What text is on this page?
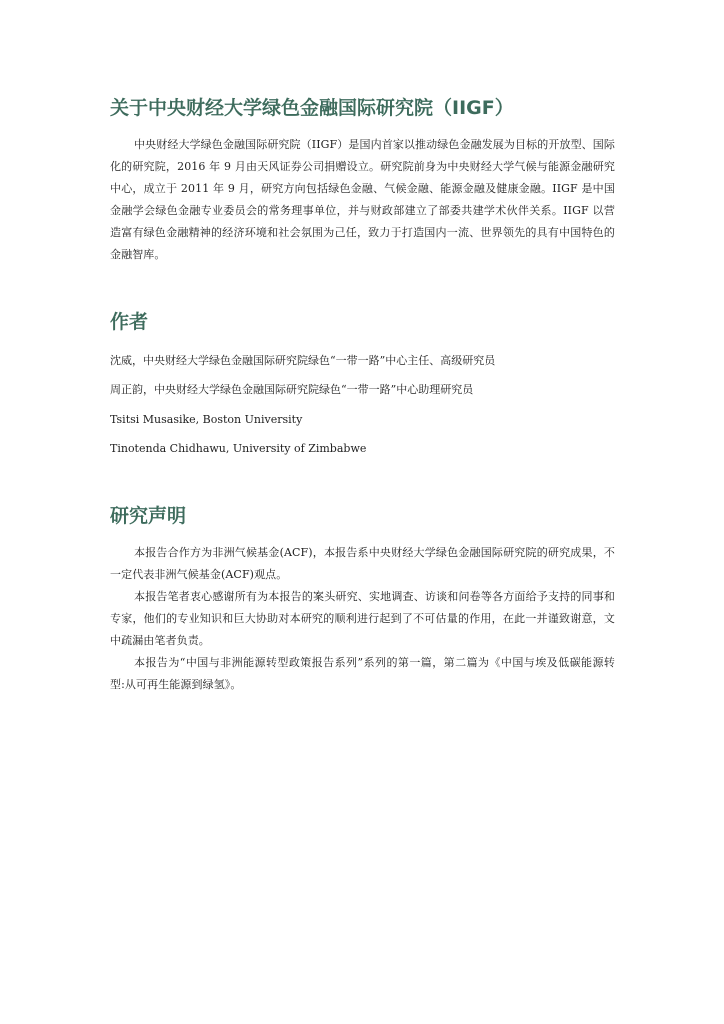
关于中央财经大学绿色金融国际研究院（IIGF）

中央财经大学绿色金融国际研究院（IIGF）是国内首家以推动绿色金融发展为目标的开放型、国际化的研究院，2016 年 9 月由天风证券公司捐赠设立。研究院前身为中央财经大学气候与能源金融研究中心，成立于 2011 年 9 月，研究方向包括绿色金融、气候金融、能源金融及健康金融。IIGF 是中国金融学会绿色金融专业委员会的常务理事单位，并与财政部建立了部委共建学术伙伴关系。IIGF 以营造富有绿色金融精神的经济环境和社会氛围为己任，致力于打造国内一流、世界领先的具有中国特色的金融智库。

作者
沈威，中央财经大学绿色金融国际研究院绿色“一带一路”中心主任、高级研究员
周正韵，中央财经大学绿色金融国际研究院绿色“一带一路”中心助理研究员
Tsitsi Musasike, Boston University
Tinotenda Chidhawu, University of Zimbabwe
研究声明

本报告合作方为非洲气候基金(ACF)，本报告系中央财经大学绿色金融国际研究院的研究成果，不一定代表非洲气候基金(ACF)观点。

本报告笔者衷心感谢所有为本报告的案头研究、实地调查、访谈和问卷等各方面给予支持的同事和专家，他们的专业知识和巨大协助对本研究的顺利进行起到了不可估量的作用，在此一并谨致谢意，文中疏漏由笔者负责。

本报告为“中国与非洲能源转型政策报告系列”系列的第一篇，第二篇为《中国与埃及低碳能源转型:从可再生能源到绿氢》。
